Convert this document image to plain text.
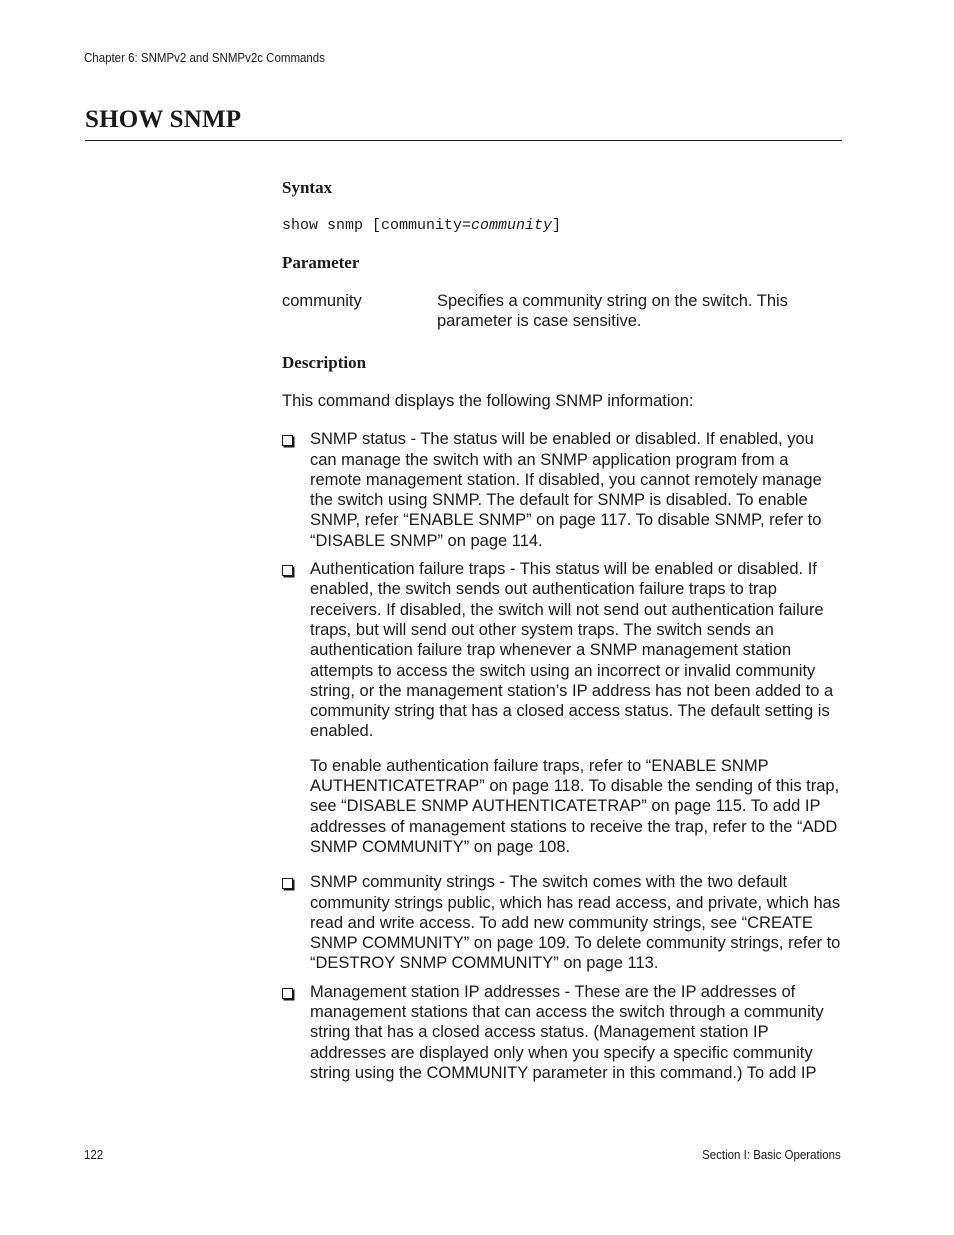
Chapter 6: SNMPv2 and SNMPv2c Commands
SHOW SNMP
Syntax

show snmp [community=community]

Parameter
community	Specifies a community string on the switch. This parameter is case sensitive.
Description

This command displays the following SNMP information:

SNMP status - The status will be enabled or disabled. If enabled, you can manage the switch with an SNMP application program from a remote management station. If disabled, you cannot remotely manage the switch using SNMP. The default for SNMP is disabled. To enable SNMP, refer “ENABLE SNMP” on page 117. To disable SNMP, refer to “DISABLE SNMP” on page 114.

Authentication failure traps - This status will be enabled or disabled. If enabled, the switch sends out authentication failure traps to trap receivers. If disabled, the switch will not send out authentication failure traps, but will send out other system traps. The switch sends an authentication failure trap whenever a SNMP management station attempts to access the switch using an incorrect or invalid community string, or the management station’s IP address has not been added to a community string that has a closed access status. The default setting is enabled.

To enable authentication failure traps, refer to “ENABLE SNMP AUTHENTICATETRAP” on page 118. To disable the sending of this trap, see “DISABLE SNMP AUTHENTICATETRAP” on page 115. To add IP addresses of management stations to receive the trap, refer to the “ADD SNMP COMMUNITY” on page 108.

SNMP community strings - The switch comes with the two default community strings public, which has read access, and private, which has read and write access. To add new community strings, see “CREATE SNMP COMMUNITY” on page 109. To delete community strings, refer to “DESTROY SNMP COMMUNITY” on page 113.

Management station IP addresses - These are the IP addresses of management stations that can access the switch through a community string that has a closed access status. (Management station IP addresses are displayed only when you specify a specific community string using the COMMUNITY parameter in this command.) To add IP

122	Section I: Basic Operations
